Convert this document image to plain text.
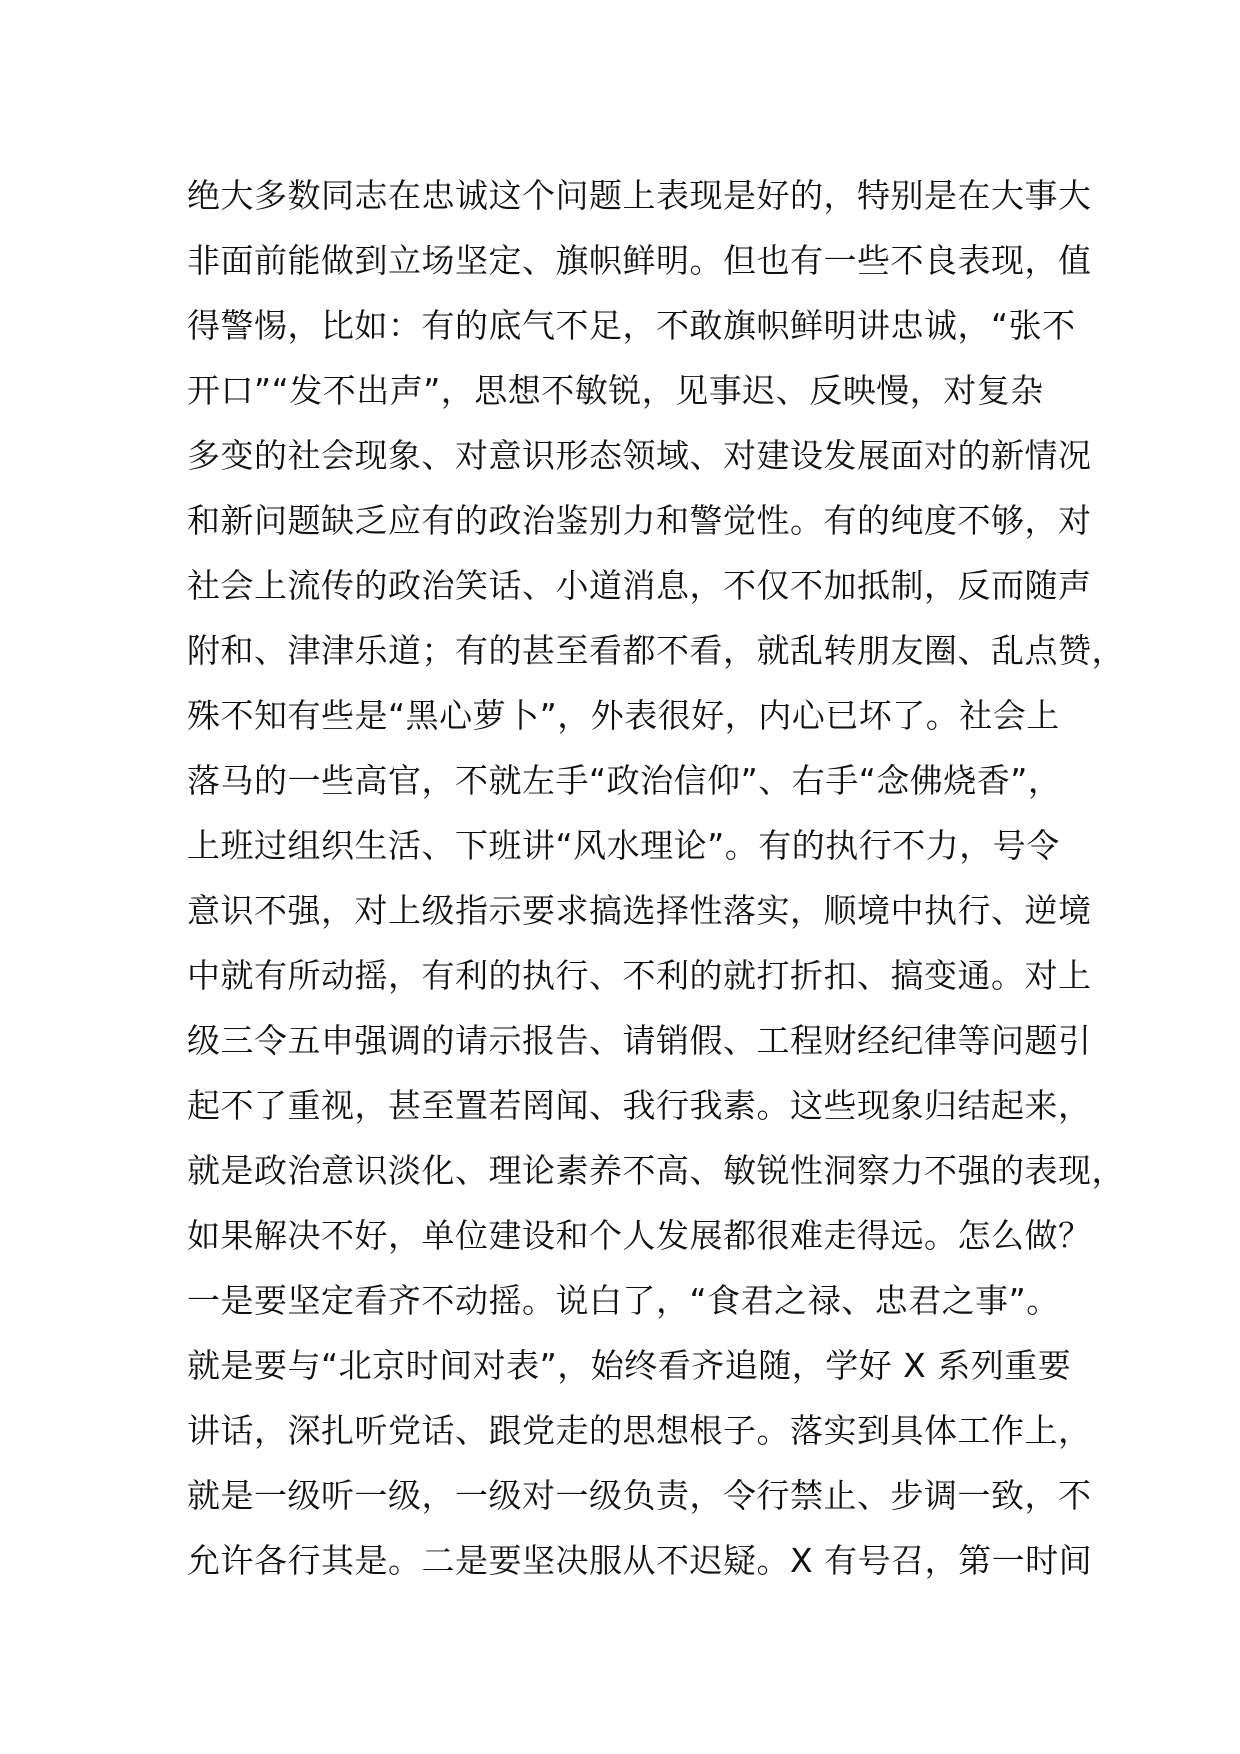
绝大多数同志在忠诚这个问题上表现是好的，特别是在大事大
非面前能做到立场坚定、旗帜鲜明。但也有一些不良表现，值
得警惕，比如：有的底气不足，不敢旗帜鲜明讲忠诚，“张不
开口”“发不出声”，思想不敏锐，见事迟、反映慢，对复杂
多变的社会现象、对意识形态领域、对建设发展面对的新情况
和新问题缺乏应有的政治鉴别力和警觉性。有的纯度不够，对
社会上流传的政治笑话、小道消息，不仅不加抵制，反而随声
附和、津津乐道；有的甚至看都不看，就乱转朋友圈、乱点赞，
殊不知有些是“黑心萝卜”，外表很好，内心已坏了。社会上
落马的一些高官，不就左手“政治信仰”、右手“念佛烧香”，
上班过组织生活、下班讲“风水理论”。有的执行不力，号令
意识不强，对上级指示要求搞选择性落实，顺境中执行、逆境
中就有所动摇，有利的执行、不利的就打折扣、搞变通。对上
级三令五申强调的请示报告、请销假、工程财经纪律等问题引
起不了重视，甚至置若罔闻、我行我素。这些现象归结起来，
就是政治意识淡化、理论素养不高、敏锐性洞察力不强的表现，
如果解决不好，单位建设和个人发展都很难走得远。怎么做？
一是要坚定看齐不动摇。说白了，“食君之禄、忠君之事”。
就是要与“北京时间对表”，始终看齐追随，学好 X 系列重要
讲话，深扎听党话、跟党走的思想根子。落实到具体工作上，
就是一级听一级，一级对一级负责，令行禁止、步调一致，不
允许各行其是。二是要坚决服从不迟疑。X 有号召，第一时间
